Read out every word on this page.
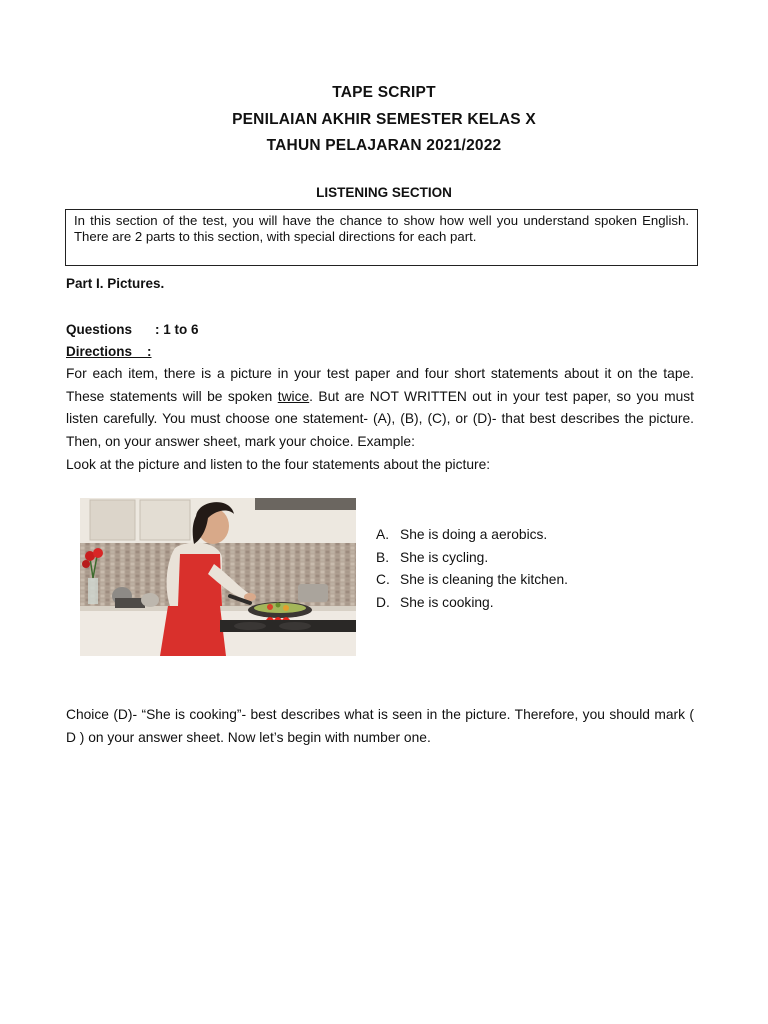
TAPE SCRIPT
PENILAIAN AKHIR SEMESTER KELAS X
TAHUN PELAJARAN 2021/2022
LISTENING SECTION
In this section of the test, you will have the chance to show how well you understand spoken English. There are 2 parts to this section, with special directions for each part.
Part I. Pictures.
Questions : 1 to 6
Directions    :
For each item, there is a picture in your test paper and four short statements about it on the tape. These statements will be spoken twice. But are NOT WRITTEN out in your test paper, so you must listen carefully. You must choose one statement- (A), (B), (C), or (D)- that best describes the picture. Then, on your answer sheet, mark your choice. Example:
Look at the picture and listen to the four statements about the picture:
A. She is doing a aerobics.
B. She is cycling.
C. She is cleaning the kitchen.
D. She is cooking.
Choice (D)- “She is cooking”- best describes what is seen in the picture. Therefore, you should mark ( D ) on your answer sheet. Now let’s begin with number one.
